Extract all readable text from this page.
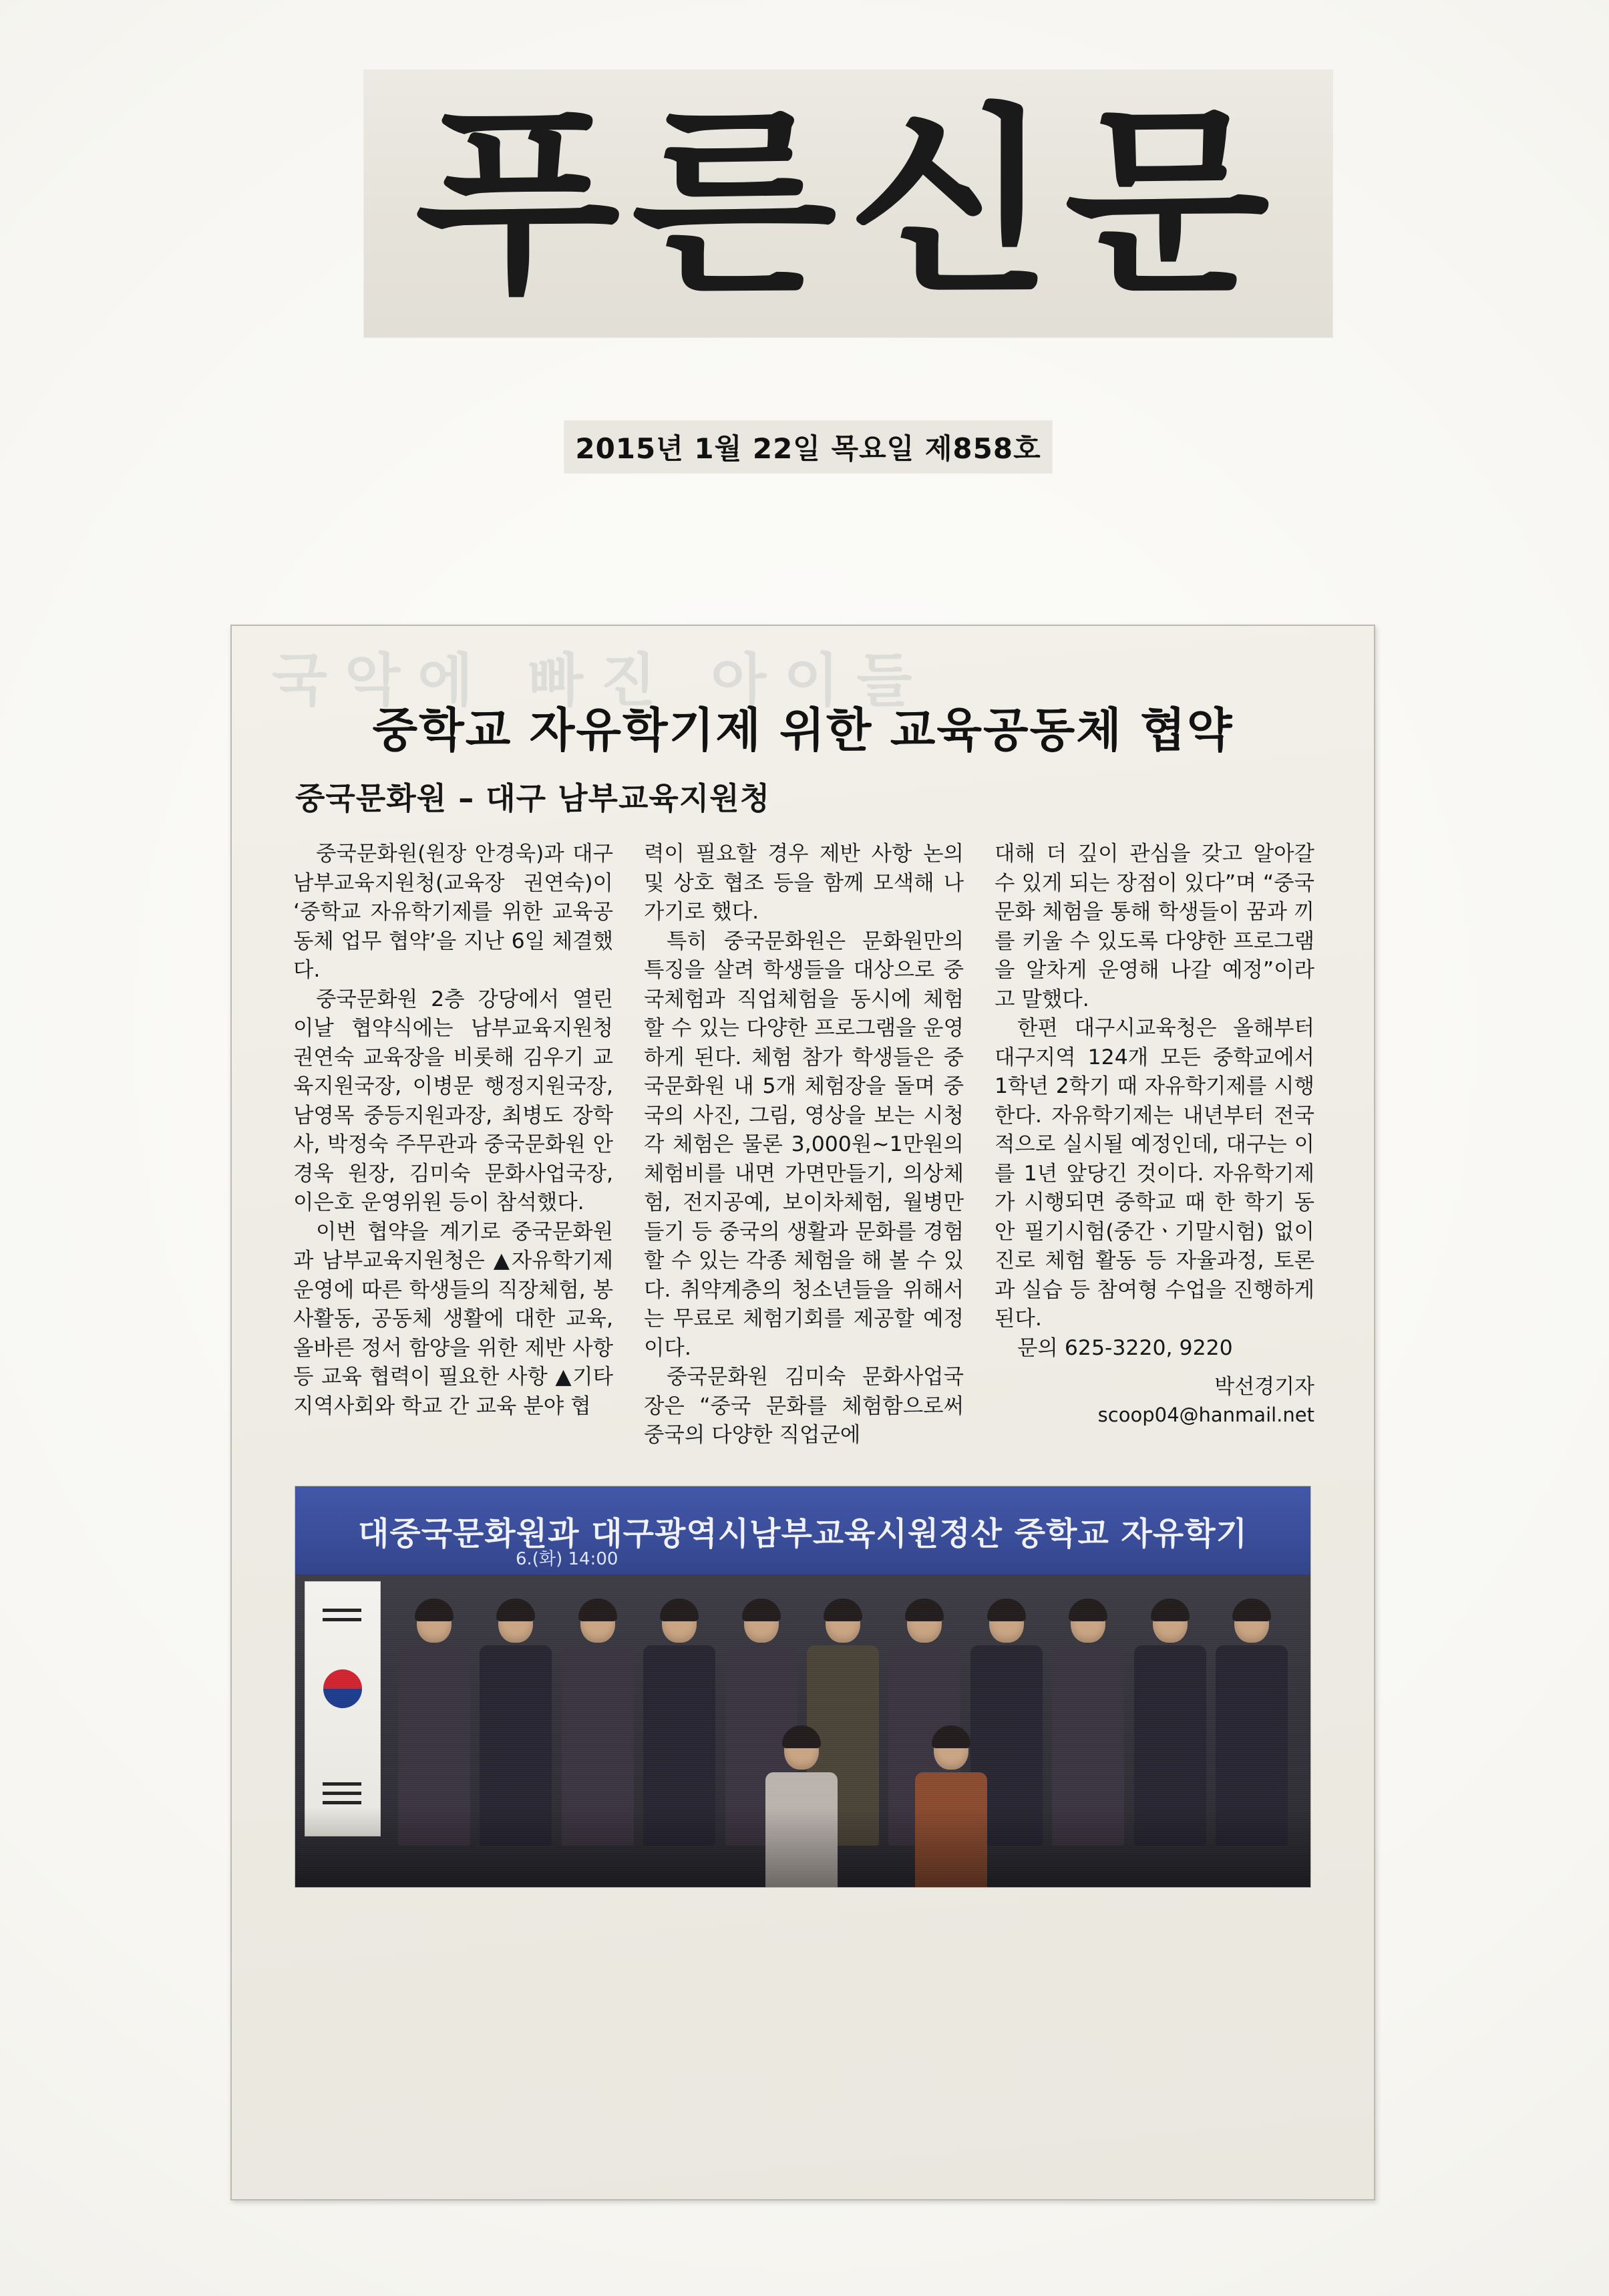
푸른신문
2015년 1월 22일 목요일 제858호
국악에 빠진 아이들
중학교 자유학기제 위한 교육공동체 협약
중국문화원 – 대구 남부교육지원청

중국문화원(원장 안경욱)과 대구남부교육지원청(교육장 권연숙)이 ‘중학교 자유학기제를 위한 교육공동체 업무 협약’을 지난 6일 체결했다.

중국문화원 2층 강당에서 열린 이날 협약식에는 남부교육지원청 권연숙 교육장을 비롯해 김우기 교육지원국장, 이병문 행정지원국장, 남영목 중등지원과장, 최병도 장학사, 박정숙 주무관과 중국문화원 안경욱 원장, 김미숙 문화사업국장, 이은호 운영위원 등이 참석했다.

이번 협약을 계기로 중국문화원과 남부교육지원청은 ▲자유학기제 운영에 따른 학생들의 직장체험, 봉사활동, 공동체 생활에 대한 교육, 올바른 정서 함양을 위한 제반 사항 등 교육 협력이 필요한 사항 ▲기타 지역사회와 학교 간 교육 분야 협

력이 필요할 경우 제반 사항 논의 및 상호 협조 등을 함께 모색해 나가기로 했다.

특히 중국문화원은 문화원만의 특징을 살려 학생들을 대상으로 중국체험과 직업체험을 동시에 체험 할 수 있는 다양한 프로그램을 운영하게 된다. 체험 참가 학생들은 중국문화원 내 5개 체험장을 돌며 중국의 사진, 그림, 영상을 보는 시청각 체험은 물론 3,000원~1만원의 체험비를 내면 가면만들기, 의상체험, 전지공예, 보이차체험, 월병만들기 등 중국의 생활과 문화를 경험할 수 있는 각종 체험을 해 볼 수 있다. 취약계층의 청소년들을 위해서는 무료로 체험기회를 제공할 예정이다.

중국문화원 김미숙 문화사업국장은 “중국 문화를 체험함으로써 중국의 다양한 직업군에

대해 더 깊이 관심을 갖고 알아갈 수 있게 되는 장점이 있다”며 “중국 문화 체험을 통해 학생들이 꿈과 끼를 키울 수 있도록 다양한 프로그램을 알차게 운영해 나갈 예정”이라고 말했다.

한편 대구시교육청은 올해부터 대구지역 124개 모든 중학교에서 1학년 2학기 때 자유학기제를 시행한다. 자유학기제는 내년부터 전국적으로 실시될 예정인데, 대구는 이를 1년 앞당긴 것이다. 자유학기제가 시행되면 중학교 때 한 학기 동안 필기시험(중간ㆍ기말시험) 없이 진로 체험 활동 등 자율과정, 토론과 실습 등 참여형 수업을 진행하게 된다.

문의 625-3220, 9220

박선경기자
scoop04@hanmail.net
대중국문화원과 대구광역시남부교육시원정산 중학교 자유학기
6.(화) 14:00
